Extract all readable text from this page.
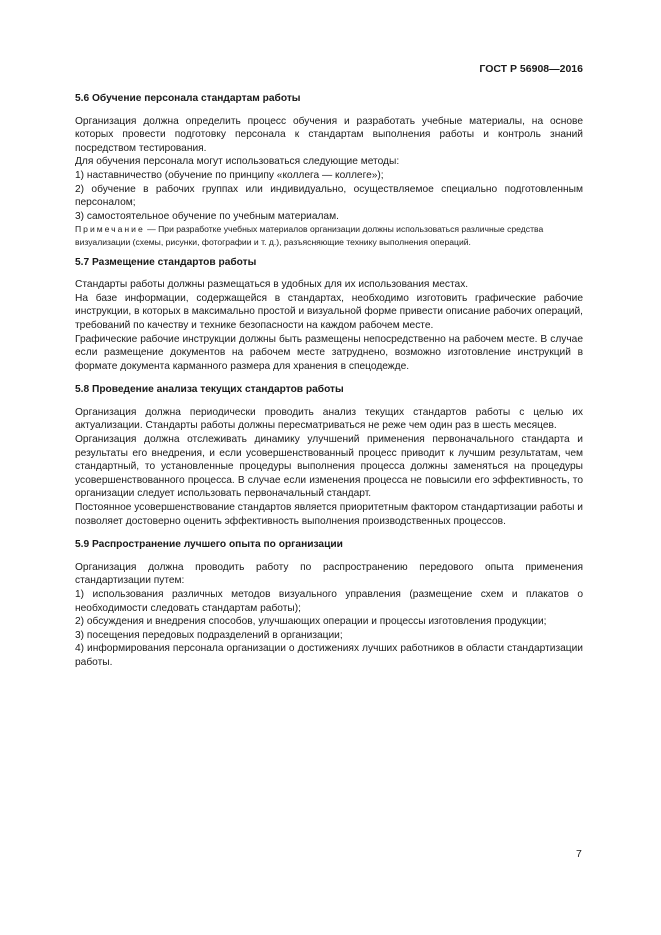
ГОСТ Р 56908—2016
5.6 Обучение персонала стандартам работы

Организация должна определить процесс обучения и разработать учебные материалы, на основе которых провести подготовку персонала к стандартам выполнения работы и контроль знаний посредством тестирования.

Для обучения персонала могут использоваться следующие методы:

1) наставничество (обучение по принципу «коллега — коллеге»);

2) обучение в рабочих группах или индивидуально, осуществляемое специально подготовленным персоналом;

3) самостоятельное обучение по учебным материалам.

Примечание — При разработке учебных материалов организации должны использоваться различные средства визуализации (схемы, рисунки, фотографии и т. д.), разъясняющие технику выполнения операций.

5.7 Размещение стандартов работы

Стандарты работы должны размещаться в удобных для их использования местах.

На базе информации, содержащейся в стандартах, необходимо изготовить графические рабочие инструкции, в которых в максимально простой и визуальной форме привести описание рабочих операций, требований по качеству и технике безопасности на каждом рабочем месте.

Графические рабочие инструкции должны быть размещены непосредственно на рабочем месте. В случае если размещение документов на рабочем месте затруднено, возможно изготовление инструкций в формате документа карманного размера для хранения в спецодежде.

5.8 Проведение анализа текущих стандартов работы

Организация должна периодически проводить анализ текущих стандартов работы с целью их актуализации. Стандарты работы должны пересматриваться не реже чем один раз в шесть месяцев.

Организация должна отслеживать динамику улучшений применения первоначального стандарта и результаты его внедрения, и если усовершенствованный процесс приводит к лучшим результатам, чем стандартный, то установленные процедуры выполнения процесса должны заменяться на процедуры усовершенствованного процесса. В случае если изменения процесса не повысили его эффективность, то организации следует использовать первоначальный стандарт.

Постоянное усовершенствование стандартов является приоритетным фактором стандартизации работы и позволяет достоверно оценить эффективность выполнения производственных процессов.

5.9 Распространение лучшего опыта по организации

Организация должна проводить работу по распространению передового опыта применения стандартизации путем:

1) использования различных методов визуального управления (размещение схем и плакатов о необходимости следовать стандартам работы);

2) обсуждения и внедрения способов, улучшающих операции и процессы изготовления продукции;

3) посещения передовых подразделений в организации;

4) информирования персонала организации о достижениях лучших работников в области стандартизации работы.

7
